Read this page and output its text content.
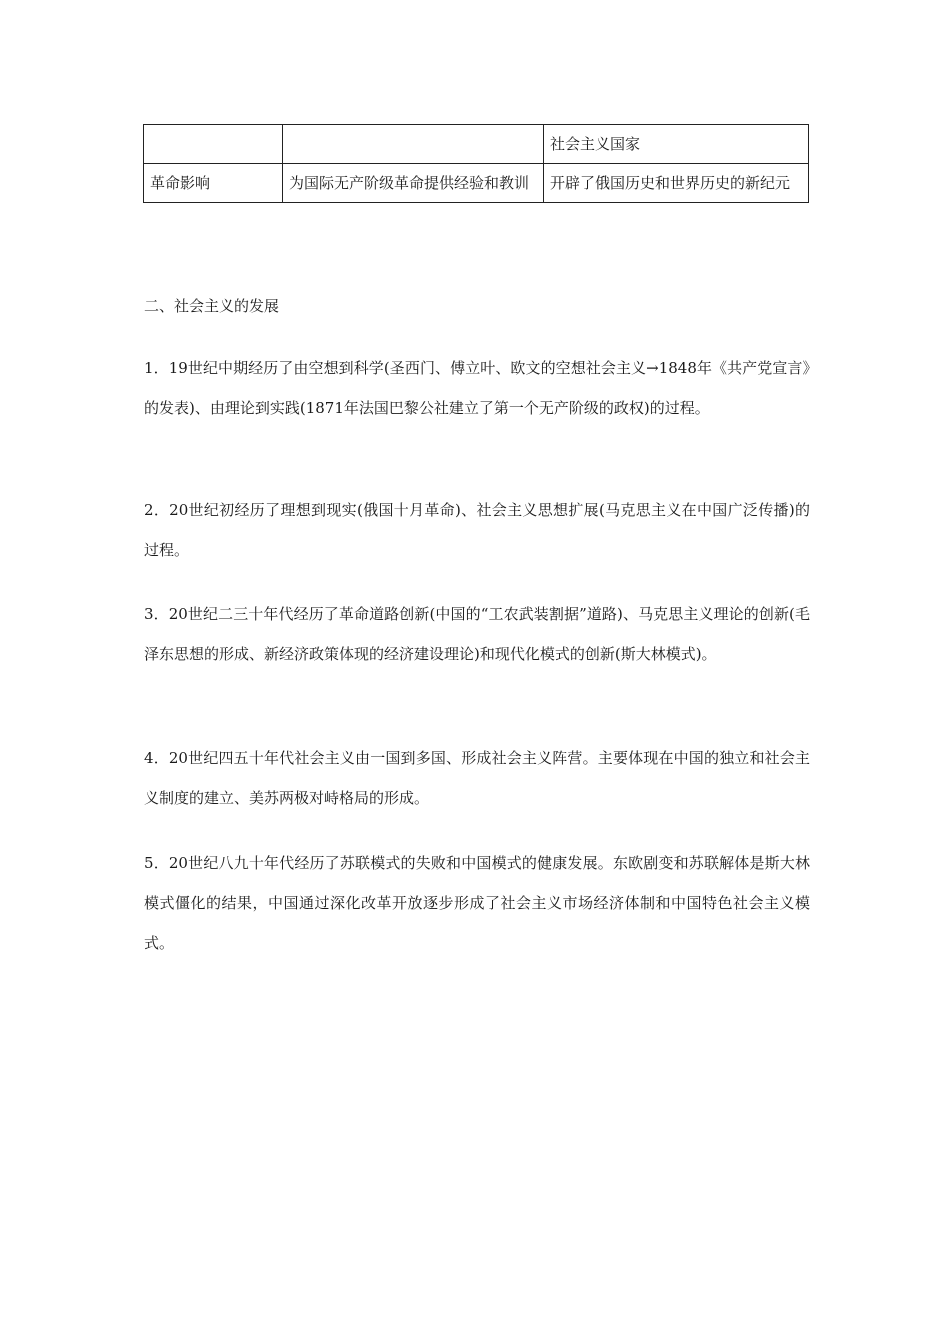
		社会主义国家
革命影响	为国际无产阶级革命提供经验和教训	开辟了俄国历史和世界历史的新纪元
二、社会主义的发展

1．19世纪中期经历了由空想到科学(圣西门、傅立叶、欧文的空想社会主义→1848年《共产党宣言》的发表)、由理论到实践(1871年法国巴黎公社建立了第一个无产阶级的政权)的过程。

2．20世纪初经历了理想到现实(俄国十月革命)、社会主义思想扩展(马克思主义在中国广泛传播)的过程。

3．20世纪二三十年代经历了革命道路创新(中国的“工农武装割据”道路)、马克思主义理论的创新(毛泽东思想的形成、新经济政策体现的经济建设理论)和现代化模式的创新(斯大林模式)。

4．20世纪四五十年代社会主义由一国到多国、形成社会主义阵营。主要体现在中国的独立和社会主义制度的建立、美苏两极对峙格局的形成。

5．20世纪八九十年代经历了苏联模式的失败和中国模式的健康发展。东欧剧变和苏联解体是斯大林模式僵化的结果，中国通过深化改革开放逐步形成了社会主义市场经济体制和中国特色社会主义模式。
